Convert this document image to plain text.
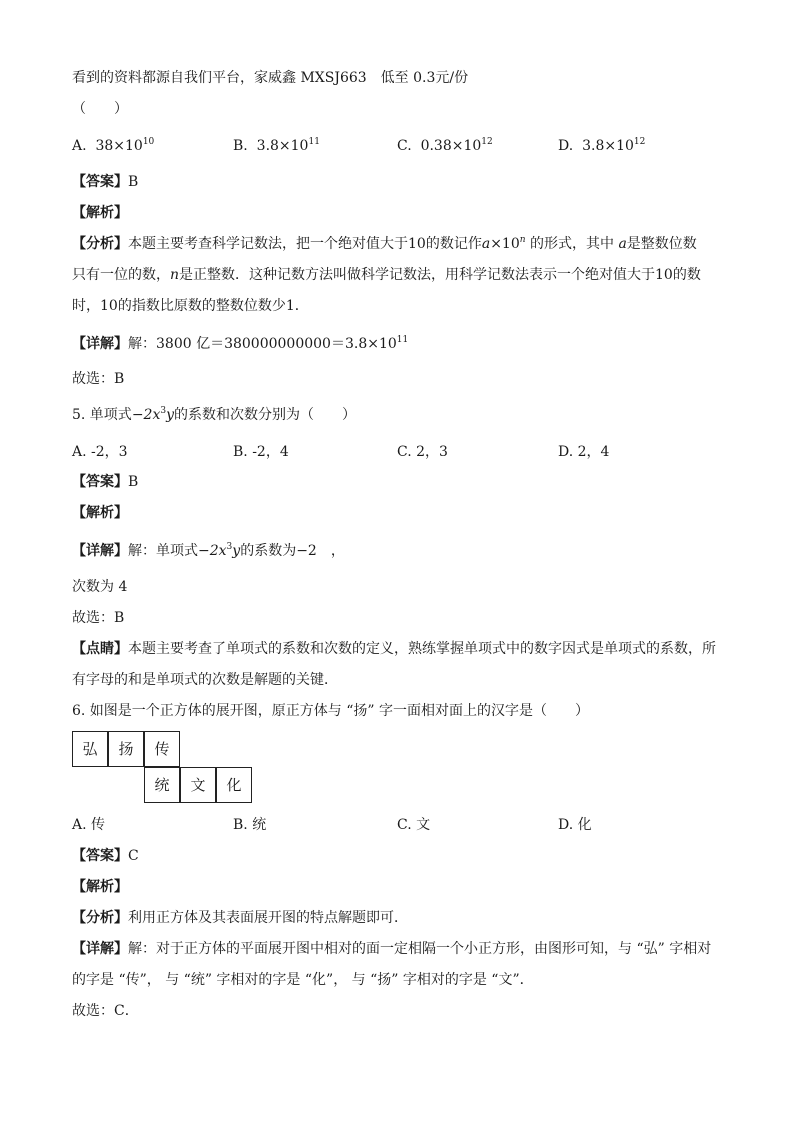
看到的资料都源自我们平台，家威鑫 MXSJ663　低至 0.3元/份
（　　）
A. $38\times 10^{10}$	B. $3.8\times 10^{11}$	C. $0.38\times 10^{12}$	D. $3.8\times 10^{12}$
【答案】B
【解析】
【分析】本题主要考查科学记数法，把一个绝对值大于10的数记作$a\times 10^n$ 的形式，其中 a是整数位数
只有一位的数，n是正整数．这种记数方法叫做科学记数法，用科学记数法表示一个绝对值大于10的数
时，10的指数比原数的整数位数少1．
【详解】解：3800 亿$=380000000000=3.8\times 10^{11}$
故选：B
5. 单项式$-2x^3y$的系数和次数分别为（　　）
A. -2，3	B. -2，4	C. 2，3	D. 2，4
【答案】B
【解析】
【详解】解：单项式$-2x^3y$的系数为−2　，
次数为 4
故选：B
【点睛】本题主要考查了单项式的系数和次数的定义，熟练掌握单项式中的数字因式是单项式的系数，所
有字母的和是单项式的次数是解题的关键．
6. 如图是一个正方体的展开图，原正方体与 “扬” 字一面相对面上的汉字是（　　）
弘	扬	传
统	文	化
A. 传	B. 统	C. 文	D. 化
【答案】C
【解析】
【分析】利用正方体及其表面展开图的特点解题即可．
【详解】解：对于正方体的平面展开图中相对的面一定相隔一个小正方形，由图形可知，与 “弘” 字相对
的字是 “传”， 与 “统” 字相对的字是 “化”， 与 “扬” 字相对的字是 “文”．
故选：C．
